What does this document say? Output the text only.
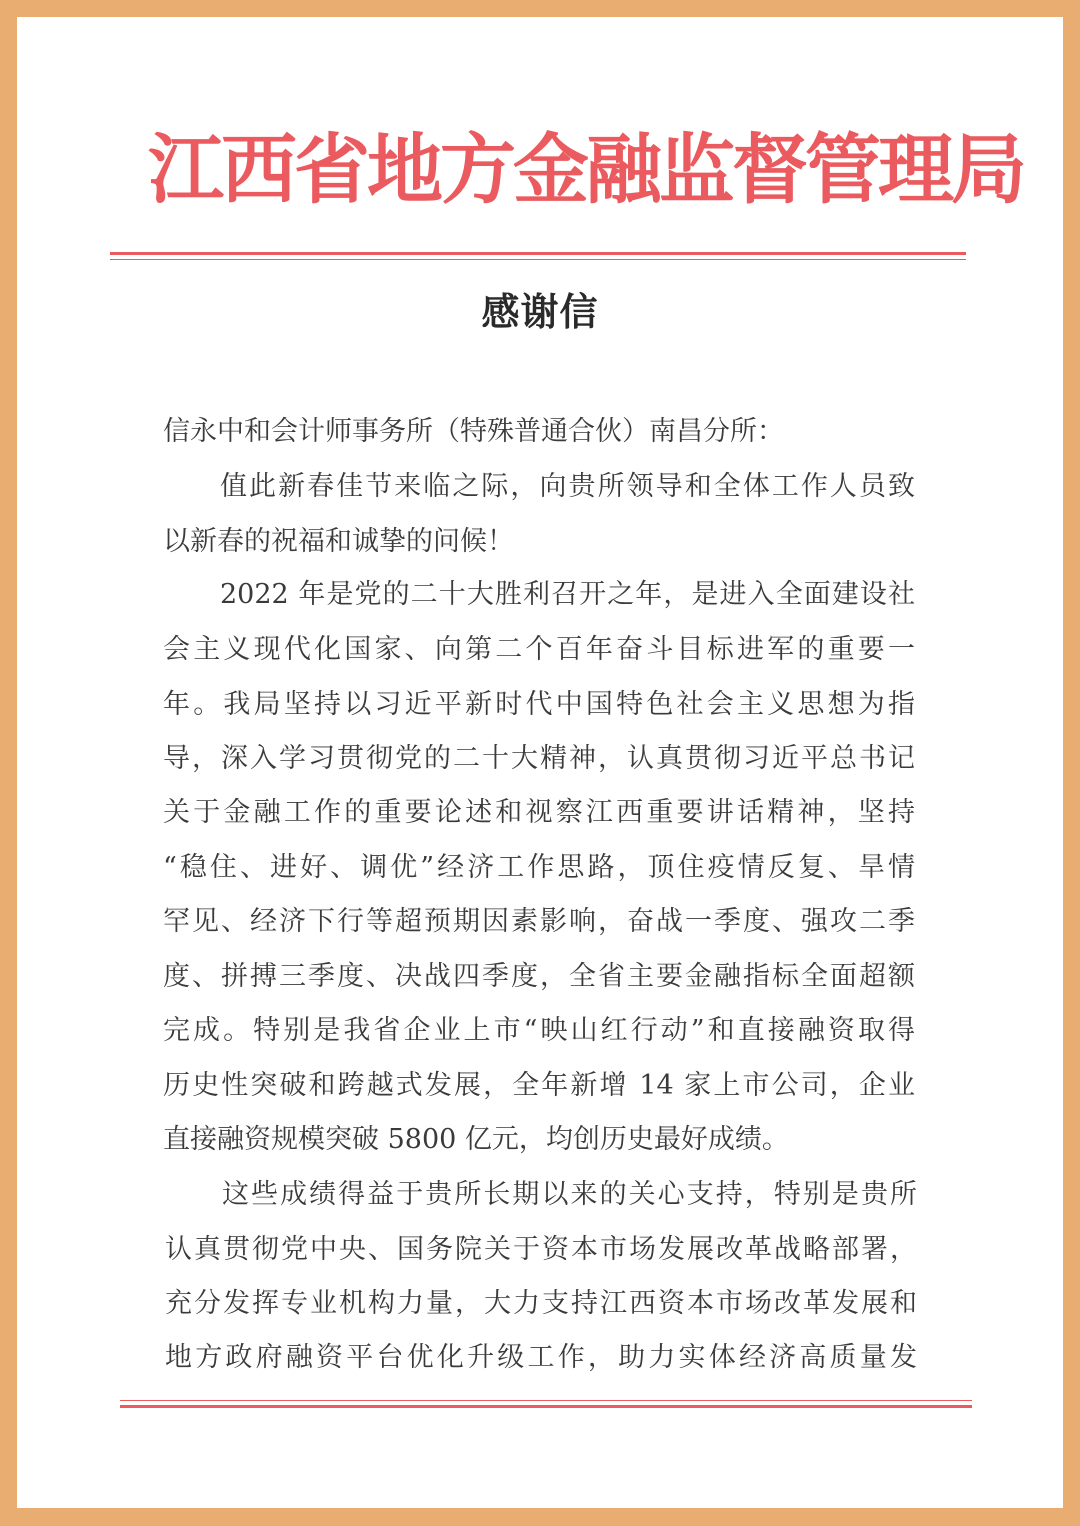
江西省地方金融监督管理局
感谢信
信永中和会计师事务所（特殊普通合伙）南昌分所：
值此新春佳节来临之际，向贵所领导和全体工作人员致
以新春的祝福和诚挚的问候！
2022 年是党的二十大胜利召开之年，是进入全面建设社
会主义现代化国家、向第二个百年奋斗目标进军的重要一
年。我局坚持以习近平新时代中国特色社会主义思想为指
导，深入学习贯彻党的二十大精神，认真贯彻习近平总书记
关于金融工作的重要论述和视察江西重要讲话精神，坚持
“稳住、进好、调优”经济工作思路，顶住疫情反复、旱情
罕见、经济下行等超预期因素影响，奋战一季度、强攻二季
度、拼搏三季度、决战四季度，全省主要金融指标全面超额
完成。特别是我省企业上市“映山红行动”和直接融资取得
历史性突破和跨越式发展，全年新增 14 家上市公司，企业
直接融资规模突破 5800 亿元，均创历史最好成绩。
这些成绩得益于贵所长期以来的关心支持，特别是贵所
认真贯彻党中央、国务院关于资本市场发展改革战略部署，
充分发挥专业机构力量，大力支持江西资本市场改革发展和
地方政府融资平台优化升级工作，助力实体经济高质量发
